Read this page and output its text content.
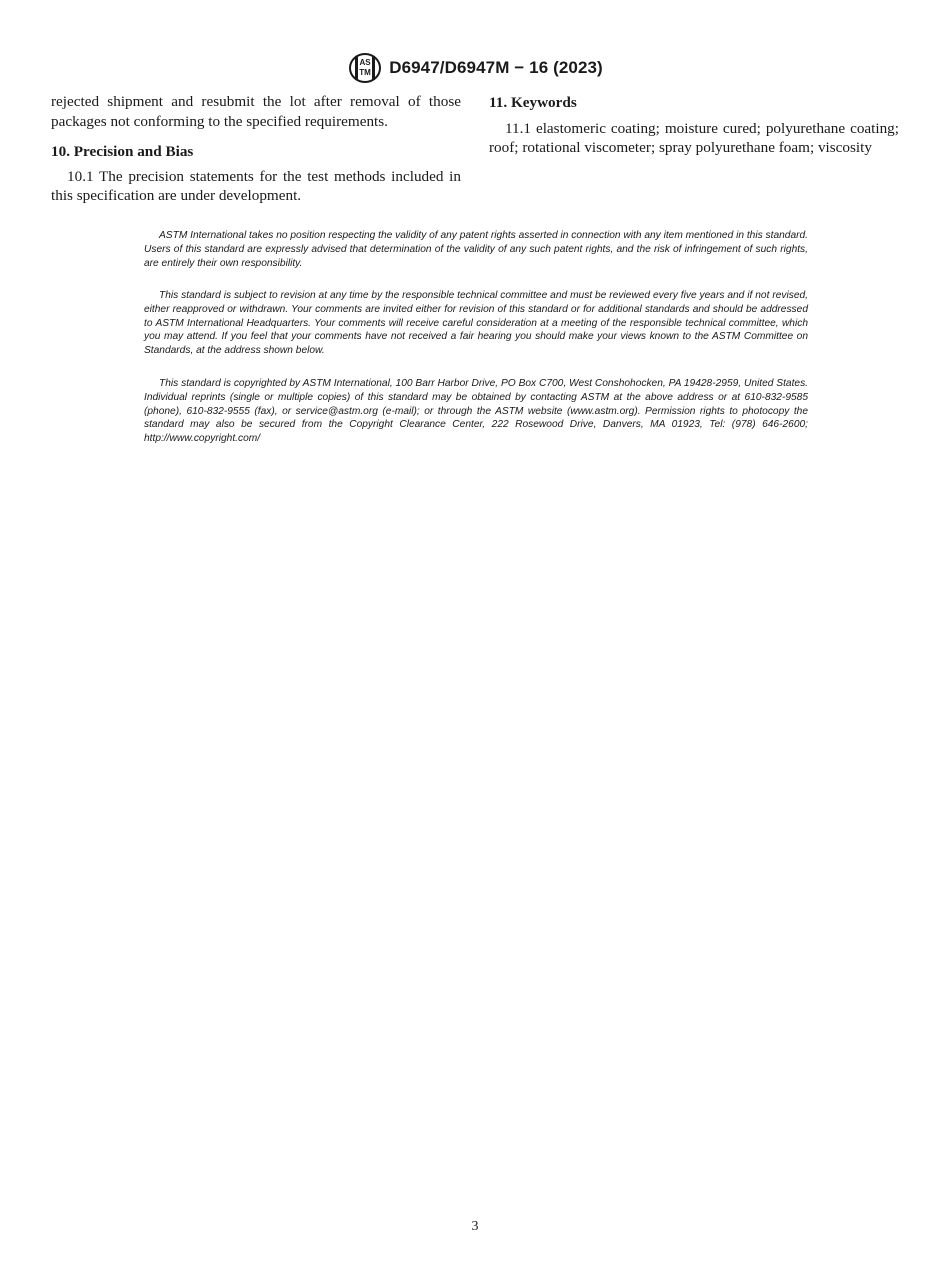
AS
TM D6947/D6947M − 16 (2023)

rejected shipment and resubmit the lot after removal of those packages not conforming to the specified requirements.

10. Precision and Bias

10.1 The precision statements for the test methods included in this specification are under development.

11. Keywords

11.1 elastomeric coating; moisture cured; polyurethane coating; roof; rotational viscometer; spray polyurethane foam; viscosity

ASTM International takes no position respecting the validity of any patent rights asserted in connection with any item mentioned in this standard. Users of this standard are expressly advised that determination of the validity of any such patent rights, and the risk of infringement of such rights, are entirely their own responsibility.

This standard is subject to revision at any time by the responsible technical committee and must be reviewed every five years and if not revised, either reapproved or withdrawn. Your comments are invited either for revision of this standard or for additional standards and should be addressed to ASTM International Headquarters. Your comments will receive careful consideration at a meeting of the responsible technical committee, which you may attend. If you feel that your comments have not received a fair hearing you should make your views known to the ASTM Committee on Standards, at the address shown below.

This standard is copyrighted by ASTM International, 100 Barr Harbor Drive, PO Box C700, West Conshohocken, PA 19428-2959, United States. Individual reprints (single or multiple copies) of this standard may be obtained by contacting ASTM at the above address or at 610-832-9585 (phone), 610-832-9555 (fax), or service@astm.org (e-mail); or through the ASTM website (www.astm.org). Permission rights to photocopy the standard may also be secured from the Copyright Clearance Center, 222 Rosewood Drive, Danvers, MA 01923, Tel: (978) 646-2600; http://www.copyright.com/

3
